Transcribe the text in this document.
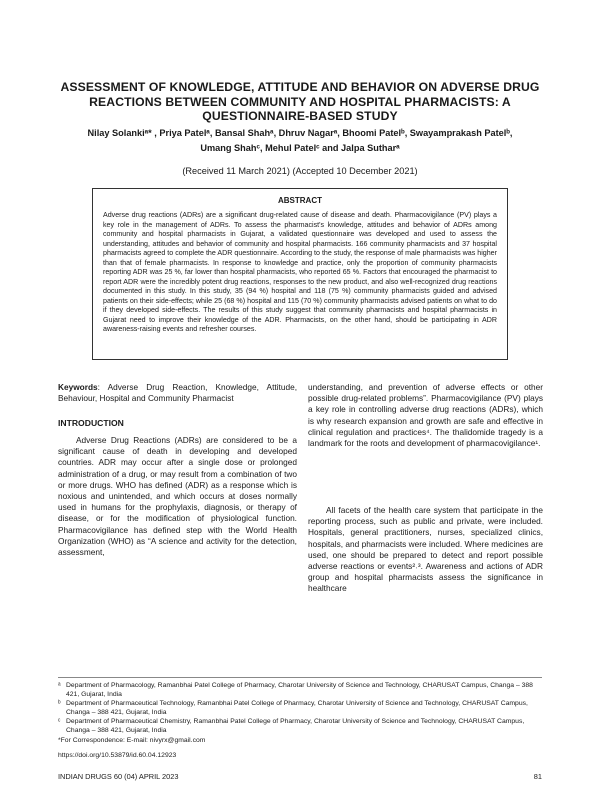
ASSESSMENT OF KNOWLEDGE, ATTITUDE AND BEHAVIOR ON ADVERSE DRUG REACTIONS BETWEEN COMMUNITY AND HOSPITAL PHARMACISTS: A QUESTIONNAIRE-BASED STUDY
Nilay Solankiᵃ* , Priya Patelᵃ, Bansal Shahᵃ, Dhruv Nagarᵃ, Bhoomi Patelᵇ, Swayamprakash Patelᵇ,
Umang Shahᶜ, Mehul Patelᶜ and Jalpa Sutharᵃ
(Received 11 March 2021) (Accepted 10 December 2021)
ABSTRACT
Adverse drug reactions (ADRs) are a significant drug-related cause of disease and death. Pharmacovigilance (PV) plays a key role in the management of ADRs. To assess the pharmacist's knowledge, attitudes and behavior of ADRs among community and hospital pharmacists in Gujarat, a validated questionnaire was developed and used to assess the understanding, attitudes and behavior of community and hospital pharmacists. 166 community pharmacists and 37 hospital pharmacists agreed to complete the ADR questionnaire. According to the study, the response of male pharmacists was higher than that of female pharmacists. In response to knowledge and practice, only the proportion of community pharmacists reporting ADR was 25 %, far lower than hospital pharmacists, who reported 65 %. Factors that encouraged the pharmacist to report ADR were the incredibly potent drug reactions, responses to the new product, and also well-recognized drug reactions documented in this study. In this study, 35 (94 %) hospital and 118 (75 %) community pharmacists guided and advised patients on their side-effects; while 25 (68 %) hospital and 115 (70 %) community pharmacists advised patients on what to do if they developed side-effects. The results of this study suggest that community pharmacists and hospital pharmacists in Gujarat need to improve their knowledge of the ADR. Pharmacists, on the other hand, should be participating in ADR awareness-raising events and refresher courses.
Keywords: Adverse Drug Reaction, Knowledge, Attitude, Behaviour, Hospital and Community Pharmacist
INTRODUCTION

Adverse Drug Reactions (ADRs) are considered to be a significant cause of death in developing and developed countries. ADR may occur after a single dose or prolonged administration of a drug, or may result from a combination of two or more drugs. WHO has defined (ADR) as a response which is noxious and unintended, and which occurs at doses normally used in humans for the prophylaxis, diagnosis, or therapy of disease, or for the modification of physiological function. Pharmacovigilance has defined step with the World Health Organization (WHO) as “A science and activity for the detection, assessment,

understanding, and prevention of adverse effects or other possible drug-related problems”. Pharmacovigilance (PV) plays a key role in controlling adverse drug reactions (ADRs), which is why research expansion and growth are safe and effective in clinical regulation and practices⁴. The thalidomide tragedy is a landmark for the roots and development of pharmacovigilance¹.

All facets of the health care system that participate in the reporting process, such as public and private, were included. Hospitals, general practitioners, nurses, specialized clinics, hospitals, and pharmacists were included. Where medicines are used, one should be prepared to detect and report possible adverse reactions or events²˒³. Awareness and actions of ADR group and hospital pharmacists assess the significance in healthcare

ᵃ Department of Pharmacology, Ramanbhai Patel College of Pharmacy, Charotar University of Science and Technology, CHARUSAT Campus, Changa – 388 421, Gujarat, India
ᵇ Department of Pharmaceutical Technology, Ramanbhai Patel College of Pharmacy, Charotar University of Science and Technology, CHARUSAT Campus, Changa – 388 421, Gujarat, India
ᶜ Department of Pharmaceutical Chemistry, Ramanbhai Patel College of Pharmacy, Charotar University of Science and Technology, CHARUSAT Campus, Changa – 388 421, Gujarat, India
*For Correspondence: E-mail: nivyrx@gmail.com
https://doi.org/10.53879/id.60.04.12923
INDIAN DRUGS 60 (04) APRIL 2023	81
